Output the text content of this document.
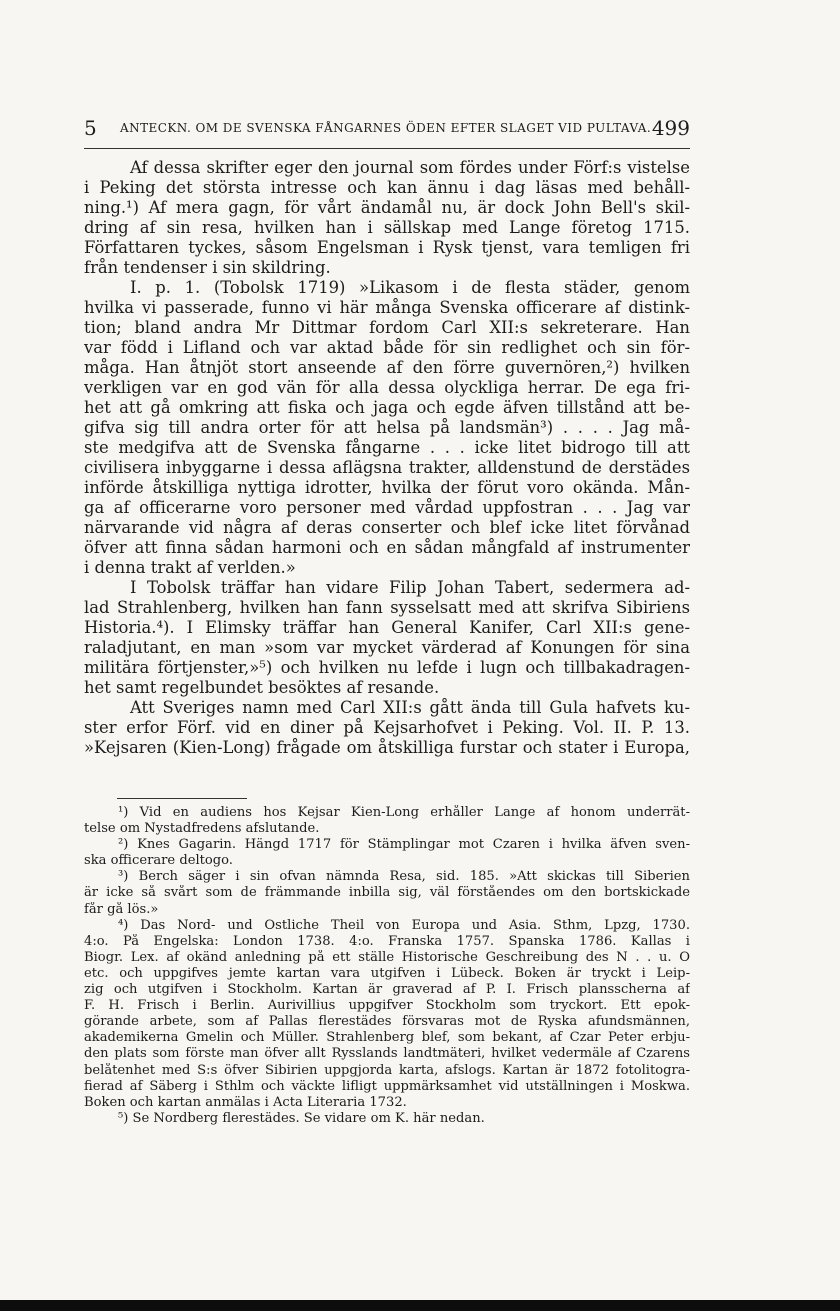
5 ANTECKN. OM DE SVENSKA FÅNGARNES ÖDEN EFTER SLAGET VID PULTAVA. 499
Af dessa skrifter eger den journal som fördes under Förf:s vistelse
i Peking det största intresse och kan ännu i dag läsas med behåll-
ning.¹) Af mera gagn, för vårt ändamål nu, är dock John Bell's skil-
dring af sin resa, hvilken han i sällskap med Lange företog 1715.
Författaren tyckes, såsom Engelsman i Rysk tjenst, vara temligen fri
från tendenser i sin skildring.
I. p. 1. (Tobolsk 1719) »Likasom i de flesta städer, genom
hvilka vi passerade, funno vi här många Svenska officerare af distink-
tion; bland andra Mr Dittmar fordom Carl XII:s sekreterare. Han
var född i Lifland och var aktad både för sin redlighet och sin för-
måga. Han åtnjöt stort anseende af den förre guvernören,²) hvilken
verkligen var en god vän för alla dessa olyckliga herrar. De ega fri-
het att gå omkring att fiska och jaga och egde äfven tillstånd att be-
gifva sig till andra orter för att helsa på landsmän³) . . . . Jag må-
ste medgifva att de Svenska fångarne . . . icke litet bidrogo till att
civilisera inbyggarne i dessa aflägsna trakter, alldenstund de derstädes
införde åtskilliga nyttiga idrotter, hvilka der förut voro okända. Mån-
ga af officerarne voro personer med vårdad uppfostran . . . Jag var
närvarande vid några af deras conserter och blef icke litet förvånad
öfver att finna sådan harmoni och en sådan mångfald af instrumenter
i denna trakt af verlden.»
I Tobolsk träffar han vidare Filip Johan Tabert, sedermera ad-
lad Strahlenberg, hvilken han fann sysselsatt med att skrifva Sibiriens
Historia.⁴). I Elimsky träffar han General Kanifer, Carl XII:s gene-
raladjutant, en man »som var mycket värderad af Konungen för sina
militära förtjenster,»⁵) och hvilken nu lefde i lugn och tillbakadragen-
het samt regelbundet besöktes af resande.
Att Sveriges namn med Carl XII:s gått ända till Gula hafvets ku-
ster erfor Förf. vid en diner på Kejsarhofvet i Peking. Vol. II. P. 13.
»Kejsaren (Kien-Long) frågade om åtskilliga furstar och stater i Europa,
¹) Vid en audiens hos Kejsar Kien-Long erhåller Lange af honom underrät-
telse om Nystadfredens afslutande.
²) Knes Gagarin. Hängd 1717 för Stämplingar mot Czaren i hvilka äfven sven-
ska officerare deltogo.
³) Berch säger i sin ofvan nämnda Resa, sid. 185. »Att skickas till Siberien
är icke så svårt som de främmande inbilla sig, väl förståendes om den bortskickade
får gå lös.»
⁴) Das Nord- und Ostliche Theil von Europa und Asia. Sthm, Lpzg, 1730.
4:o. På Engelska: London 1738. 4:o. Franska 1757. Spanska 1786. Kallas i
Biogr. Lex. af okänd anledning på ett ställe Historische Geschreibung des N . . u. O
etc. och uppgifves jemte kartan vara utgifven i Lübeck. Boken är tryckt i Leip-
zig och utgifven i Stockholm. Kartan är graverad af P. I. Frisch plansscherna af
F. H. Frisch i Berlin. Aurivillius uppgifver Stockholm som tryckort. Ett epok-
görande arbete, som af Pallas flerestädes försvaras mot de Ryska afundsmännen,
akademikerna Gmelin och Müller. Strahlenberg blef, som bekant, af Czar Peter erbju-
den plats som förste man öfver allt Rysslands landtmäteri, hvilket vedermäle af Czarens
belåtenhet med S:s öfver Sibirien uppgjorda karta, afslogs. Kartan är 1872 fotolitogra-
fierad af Säberg i Sthlm och väckte lifligt uppmärksamhet vid utställningen i Moskwa.
Boken och kartan anmälas i Acta Literaria 1732.
⁵) Se Nordberg flerestädes. Se vidare om K. här nedan.
